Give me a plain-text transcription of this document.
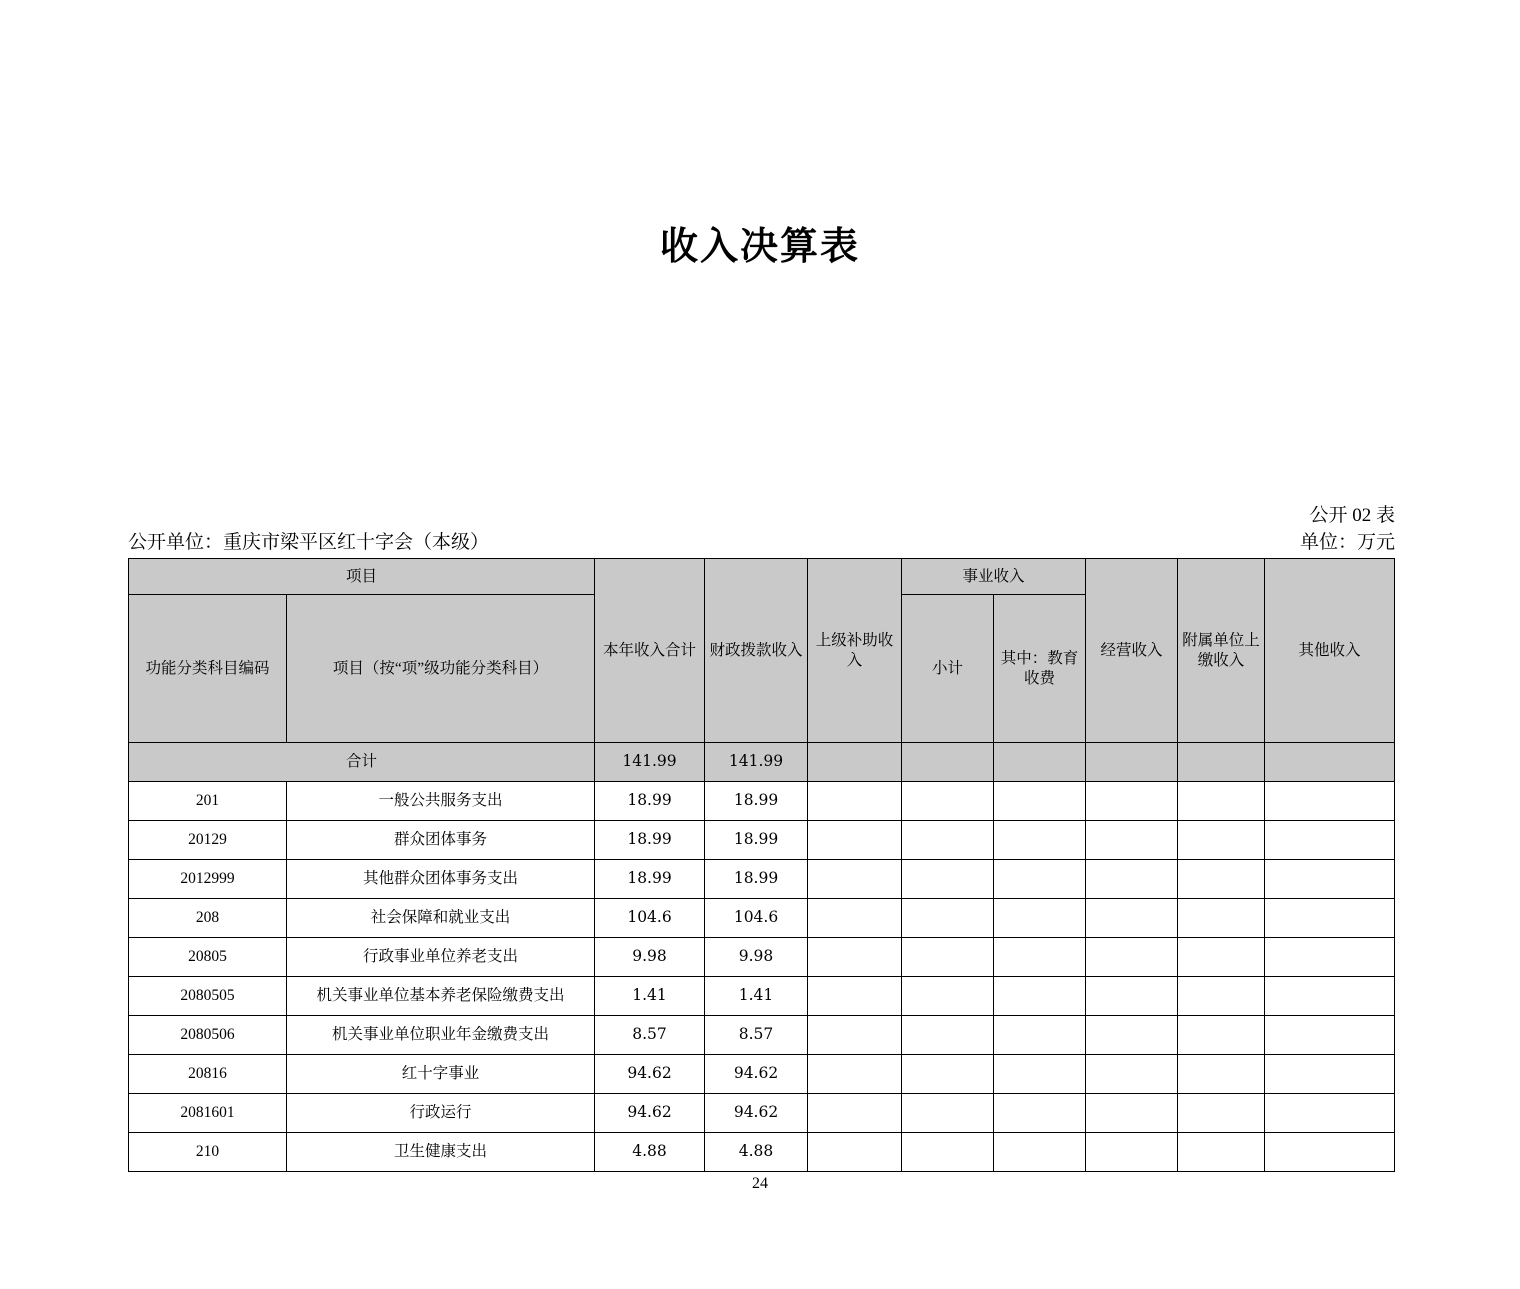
收入决算表
公开 02 表
公开单位：重庆市梁平区红十字会（本级）	单位：万元
项目		本年收入合计	财政拨款收入	上级补助收入	事业收入		经营收入	附属单位上缴收入	其他收入
功能分类科目编码	项目（按“项”级功能分类科目）				小计	其中：教育收费			
合计		141.99	141.99						
201	一般公共服务支出	18.99	18.99						
20129	群众团体事务	18.99	18.99						
2012999	其他群众团体事务支出	18.99	18.99						
208	社会保障和就业支出	104.6	104.6						
20805	行政事业单位养老支出	9.98	9.98						
2080505	机关事业单位基本养老保险缴费支出	1.41	1.41						
2080506	机关事业单位职业年金缴费支出	8.57	8.57						
20816	红十字事业	94.62	94.62						
2081601	行政运行	94.62	94.62						
210	卫生健康支出	4.88	4.88						
24
